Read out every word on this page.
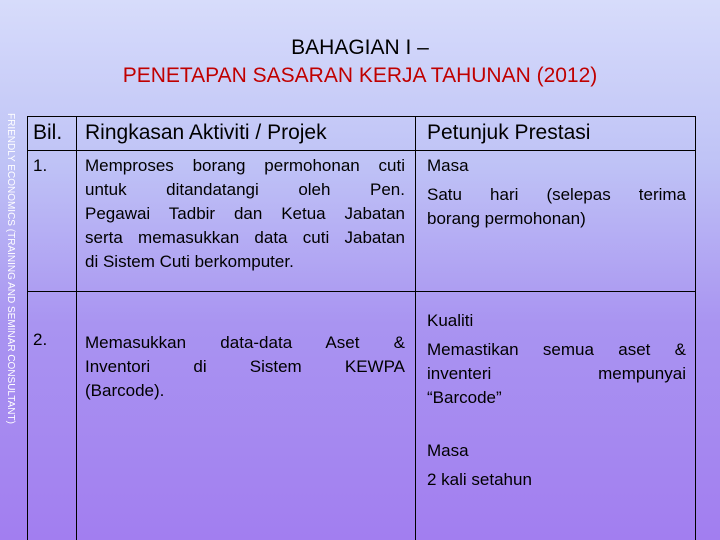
FRIENDLY ECONOMICS (TRAINING AND SEMINAR CONSULTANT)
BAHAGIAN I –
PENETAPAN SASARAN KERJA TAHUNAN (2012)
Bil. Ringkasan Aktiviti / Projek	Petunjuk Prestasi
1. Memproses borang permohonan cuti
untuk ditandatangi oleh Pen.
Pegawai Tadbir dan Ketua Jabatan
serta memasukkan data cuti Jabatan
di Sistem Cuti berkomputer.
Masa
Satu hari (selepas terima
borang permohonan)
2. Memasukkan data-data Aset &
Inventori di Sistem KEWPA
(Barcode).
Kualiti
Memastikan semua aset &
inventeri mempunyai
“Barcode”
Masa
2 kali setahun
